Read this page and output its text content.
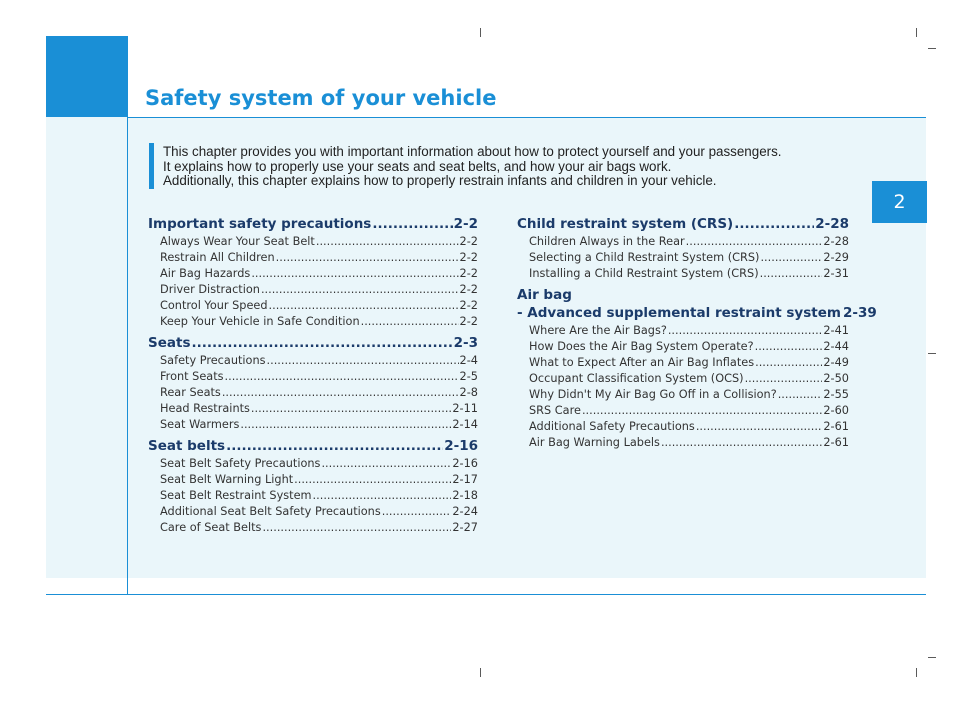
Safety system of your vehicle
2

This chapter provides you with important information about how to protect yourself and your passengers.

It explains how to properly use your seats and seat belts, and how your air bags work.

Additionally, this chapter explains how to properly restrain infants and children in your vehicle.

Important safety precautions .....	2-2
Always Wear Your Seat Belt .....	2-2
Restrain All Children .....	2-2
Air Bag Hazards .....	2-2
Driver Distraction .....	2-2
Control Your Speed .....	2-2
Keep Your Vehicle in Safe Condition .....	2-2
Seats .....	2-3
Safety Precautions .....	2-4
Front Seats .....	2-5
Rear Seats .....	2-8
Head Restraints .....	2-11
Seat Warmers .....	2-14
Seat belts .....	2-16
Seat Belt Safety Precautions .....	2-16
Seat Belt Warning Light .....	2-17
Seat Belt Restraint System .....	2-18
Additional Seat Belt Safety Precautions .....	2-24
Care of Seat Belts .....	2-27
Child restraint system (CRS) .....	2-28
Children Always in the Rear .....	2-28
Selecting a Child Restraint System (CRS) .....	2-29
Installing a Child Restraint System (CRS) .....	2-31
Air bag
- Advanced supplemental restraint system 2-39
Where Are the Air Bags? .....	2-41
How Does the Air Bag System Operate? .....	2-44
What to Expect After an Air Bag Inflates .....	2-49
Occupant Classification System (OCS) .....	2-50
Why Didn't My Air Bag Go Off in a Collision? .....	2-55
SRS Care .....	2-60
Additional Safety Precautions .....	2-61
Air Bag Warning Labels .....	2-61
